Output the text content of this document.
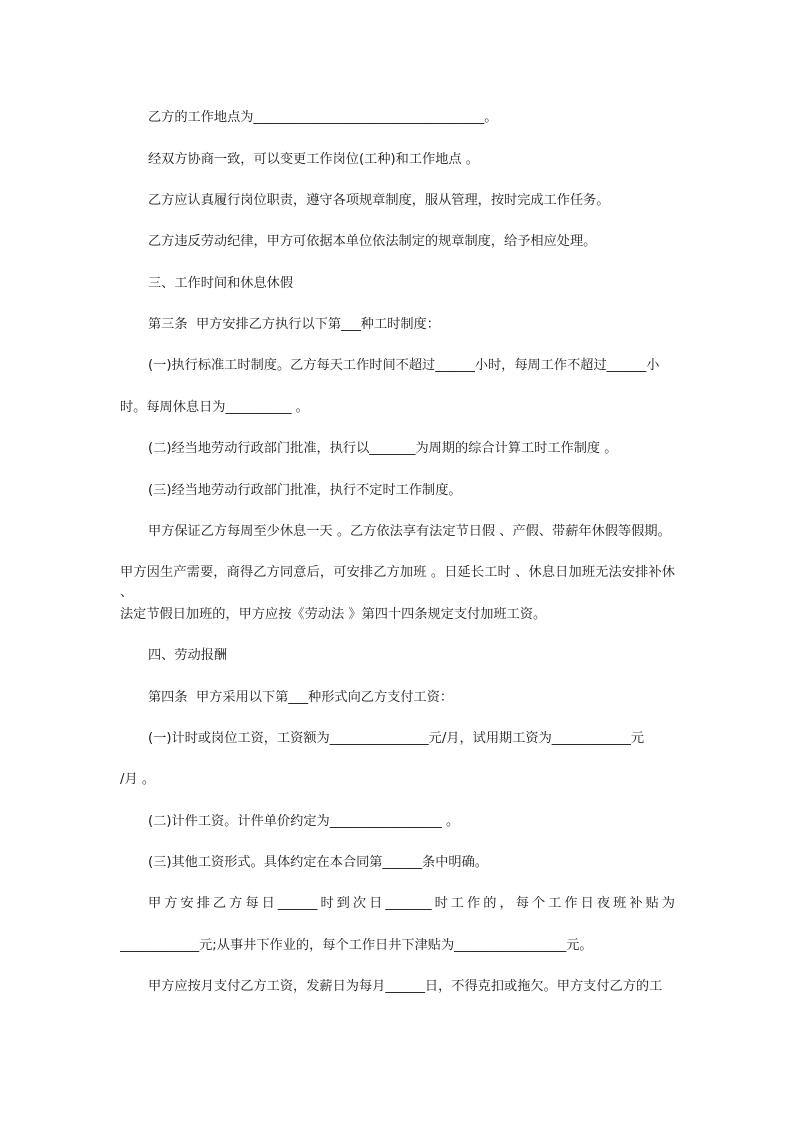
乙方的工作地点为___________________________________。
经双方协商一致，可以变更工作岗位(工种)和工作地点 。
乙方应认真履行岗位职责，遵守各项规章制度，服从管理，按时完成工作任务。
乙方违反劳动纪律，甲方可依据本单位依法制定的规章制度，给予相应处理。
三、工作时间和休息休假
第三条  甲方安排乙方执行以下第___种工时制度：
(一)执行标准工时制度。乙方每天工作时间不超过______小时，每周工作不超过______小
时。每周休息日为__________ 。
(二)经当地劳动行政部门批准，执行以_______为周期的综合计算工时工作制度 。
(三)经当地劳动行政部门批准，执行不定时工作制度。
甲方保证乙方每周至少休息一天 。乙方依法享有法定节日假 、产假、带薪年休假等假期。
甲方因生产需要，商得乙方同意后，可安排乙方加班 。日延长工时 、休息日加班无法安排补休 、
法定节假日加班的，甲方应按《劳动法 》第四十四条规定支付加班工资。
四、劳动报酬
第四条  甲方采用以下第___种形式向乙方支付工资：
(一)计时或岗位工资，工资额为_______________元/月，试用期工资为____________元
/月 。
(二)计件工资。计件单价约定为_________________ 。
(三)其他工资形式。具体约定在本合同第______条中明确。
甲方安排乙方每日______时到次日_______时工作的，每个工作日夜班补贴为
____________元;从事井下作业的，每个工作日井下津贴为_________________元。
甲方应按月支付乙方工资，发薪日为每月______日，不得克扣或拖欠。甲方支付乙方的工
